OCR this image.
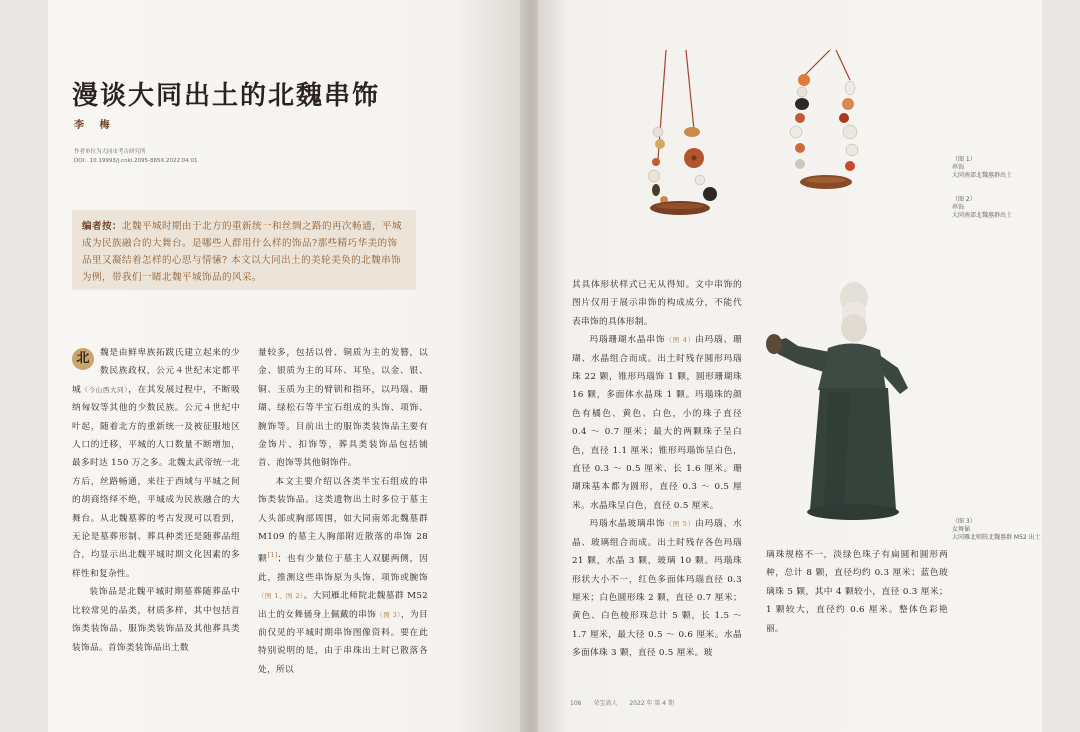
漫谈大同出土的北魏串饰
李 梅
作者单位为大同市考古研究所
DOI：10.19993/j.cnki.2095-865X.2022.04.01
编者按：北魏平城时期由于北方的重新统一和丝绸之路的再次畅通，平城成为民族融合的大舞台。是哪些人群用什么样的饰品?那些精巧华美的饰品里又凝结着怎样的心思与情愫? 本文以大同出土的美轮美奂的北魏串饰为例，带我们一睹北魏平城饰品的风采。

北	魏是由鲜卑族拓跋氏建立起来的少数民族政权，公元４世纪末定都平城（今山西大同），在其发展过程中，不断吸纳匈奴等其他的少数民族。公元４世纪中叶起，随着北方的重新统一及被征服地区人口的迁移，平城的人口数量不断增加，最多时达 150 万之多。北魏太武帝统一北方后，丝路畅通，来往于西域与平城之间的胡商络绎不绝，平城成为民族融合的大舞台。从北魏墓葬的考古发现可以看到，无论是墓葬形制、葬具种类还是随葬品组合，均显示出北魏平城时期文化因素的多样性和复杂性。

装饰品是北魏平城时期墓葬随葬品中比较常见的品类，材质多样，其中包括首饰类装饰品、服饰类装饰品及其他葬具类装饰品。首饰类装饰品出土数

量较多，包括以骨、铜质为主的发簪，以金、银质为主的耳环、耳坠，以金、银、铜、玉质为主的臂钏和指环，以玛瑙、珊瑚、绿松石等半宝石组成的头饰、项饰、腕饰等。目前出土的服饰类装饰品主要有金饰片、扣饰等，葬具类装饰品包括铺首、泡饰等其他铜饰件。

本文主要介绍以各类半宝石组成的串饰类装饰品。这类遗物出土时多位于墓主人头部或胸部周围，如大同南郊北魏墓群 M109 的墓主人胸部附近散落的串饰 28 颗[1]；也有少量位于墓主人双腿两侧，因此，推测这些串饰原为头饰、项饰或腕饰（图 1、图 2）。大同雁北师院北魏墓群 M52 出土的女舞俑身上佩戴的串饰（图 3），为目前仅见的平城时期串饰图像资料。要在此特别说明的是，由于串珠出土时已散落各处，所以

（图 1）
串饰
大同南郊北魏墓群出土
（图 2）
串饰
大同南郊北魏墓群出土
（图 3）
女舞俑
大同雁北师院北魏墓群 M52 出土

其具体形状样式已无从得知。文中串饰的图片仅用于展示串饰的构成成分，不能代表串饰的具体形制。

玛瑙珊瑚水晶串饰（图 4）由玛瑙、珊瑚、水晶组合而成。出土时残存圆形玛瑙珠 22 颗，锥形玛瑙饰 1 颗，圆形珊瑚珠 16 颗，多面体水晶珠 1 颗。玛瑙珠的颜色有橘色、黄色、白色，小的珠子直径 0.4 ～ 0.7 厘米；最大的两颗珠子呈白色，直径 1.1 厘米；锥形玛瑙饰呈白色，直径 0.3 ～ 0.5 厘米、长 1.6 厘米。珊瑚珠基本都为圆形，直径 0.3 ～ 0.5 厘米。水晶珠呈白色，直径 0.5 厘米。

玛瑙水晶玻璃串饰（图 5）由玛瑙、水晶、玻璃组合而成。出土时残存各色玛瑙 21 颗，水晶 3 颗，玻璃 10 颗。玛瑙珠形状大小不一，红色多面体玛瑙直径 0.3 厘米；白色圆形珠 2 颗，直径 0.7 厘米；黄色、白色棱形珠总计 5 颗，长 1.5 ～ 1.7 厘米，最大径 0.5 ～ 0.6 厘米。水晶多面体珠 3 颗，直径 0.5 厘米。玻

璃珠规格不一，淡绿色珠子有扁圆和圆形两种，总计 8 颗，直径均约 0.3 厘米；蓝色玻璃珠 5 颗，其中 4 颗较小，直径 0.3 厘米；1 颗较大，直径约 0.6 厘米。整体色彩艳丽。

106 荣宝斋人 2022 年 第 4 期
